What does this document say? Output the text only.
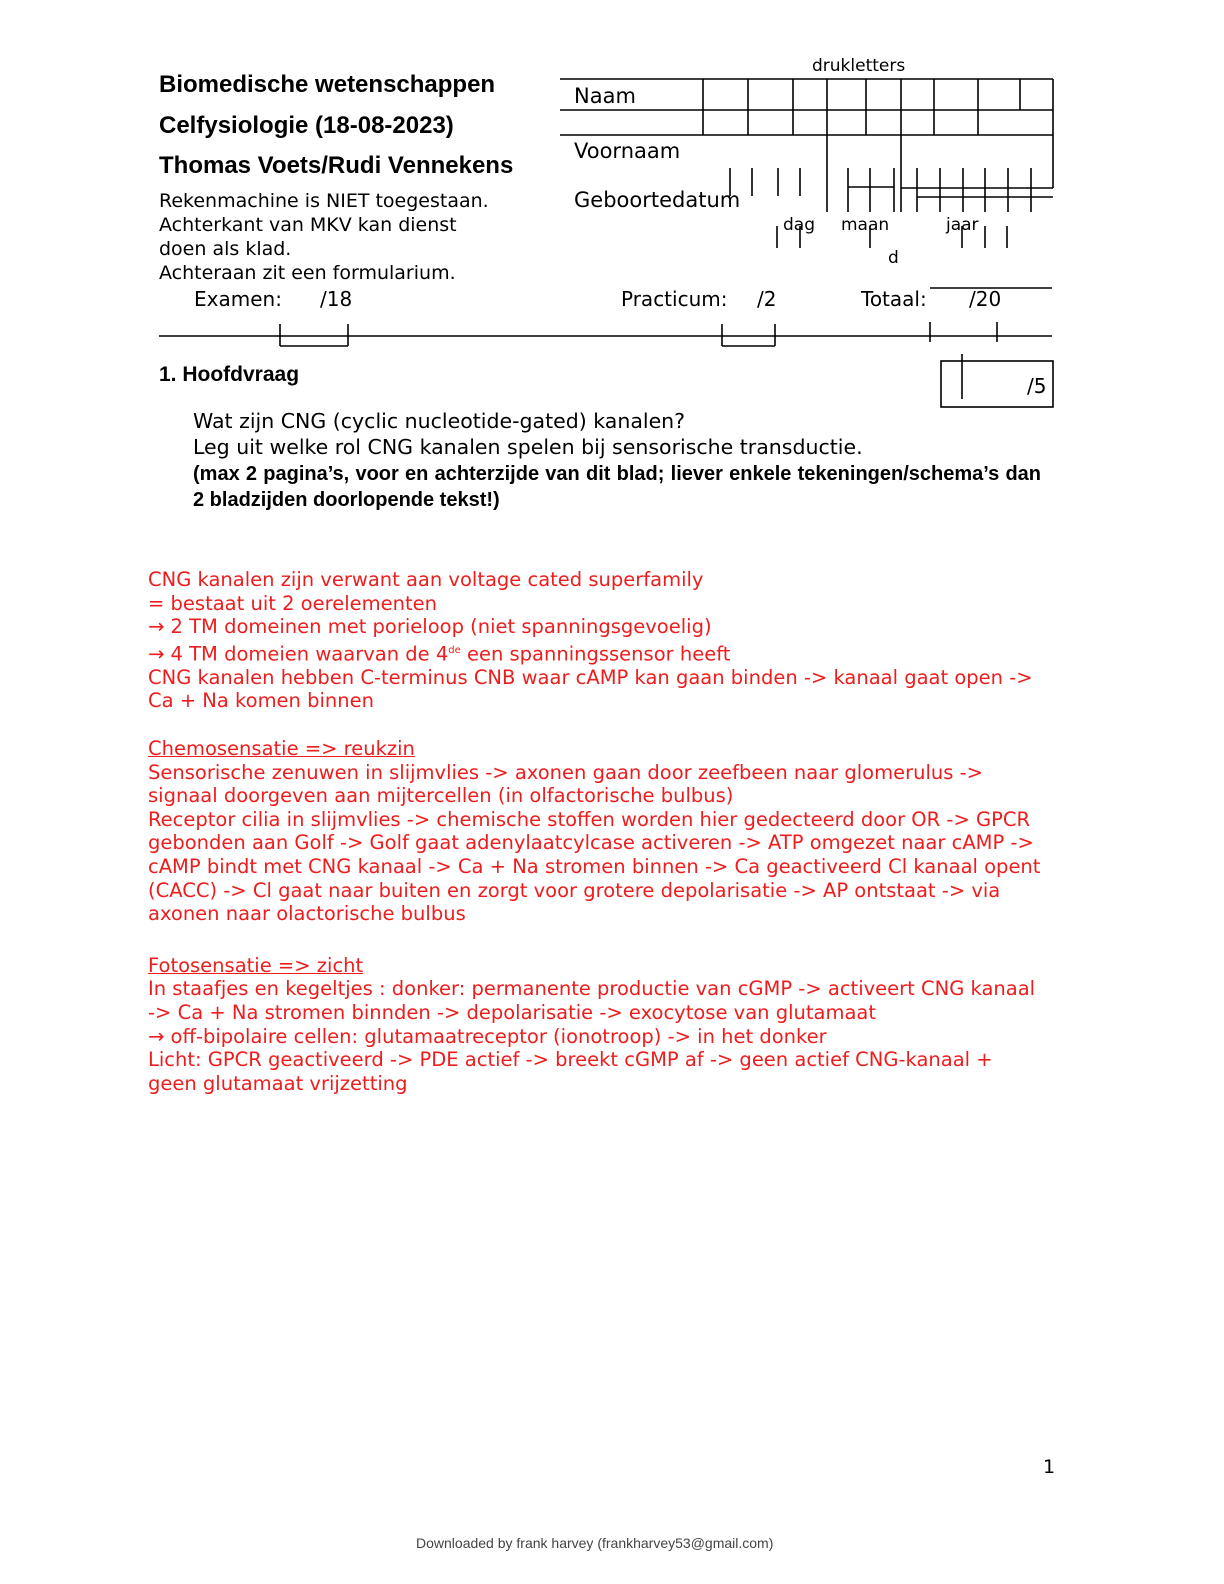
Biomedische wetenschappen
Celfysiologie (18-08-2023)
Thomas Voets/Rudi Vennekens
Rekenmachine is NIET toegestaan.
Achterkant van MKV kan dienst
doen als klad.
Achteraan zit een formularium.
drukletters
Naam
Voornaam
Geboortedatum
dag maan
d
jaar
Examen: /18	Practicum: /2	Totaal: /20
1. Hoofdvraag	/5
Wat zijn CNG (cyclic nucleotide-gated) kanalen?
Leg uit welke rol CNG kanalen spelen bij sensorische transductie.
(max 2 pagina’s, voor en achterzijde van dit blad; liever enkele tekeningen/schema’s dan 2 bladzijden doorlopende tekst!)
CNG kanalen zijn verwant aan voltage cated superfamily
= bestaat uit 2 oerelementen
→ 2 TM domeinen met porieloop (niet spanningsgevoelig)
→ 4 TM domeien waarvan de 4de een spanningssensor heeft
CNG kanalen hebben C-terminus CNB waar cAMP kan gaan binden -> kanaal gaat open ->
Ca + Na komen binnen
Chemosensatie => reukzin
Sensorische zenuwen in slijmvlies -> axonen gaan door zeefbeen naar glomerulus ->
signaal doorgeven aan mijtercellen (in olfactorische bulbus)
Receptor cilia in slijmvlies -> chemische stoffen worden hier gedecteerd door OR -> GPCR
gebonden aan Golf -> Golf gaat adenylaatcylcase activeren -> ATP omgezet naar cAMP ->
cAMP bindt met CNG kanaal -> Ca + Na stromen binnen -> Ca geactiveerd Cl kanaal opent
(CACC) -> Cl gaat naar buiten en zorgt voor grotere depolarisatie -> AP ontstaat -> via
axonen naar olactorische bulbus
Fotosensatie => zicht
In staafjes en kegeltjes : donker: permanente productie van cGMP -> activeert CNG kanaal
-> Ca + Na stromen binnden -> depolarisatie -> exocytose van glutamaat
→ off-bipolaire cellen: glutamaatreceptor (ionotroop) -> in het donker
Licht: GPCR geactiveerd -> PDE actief -> breekt cGMP af -> geen actief CNG-kanaal +
geen glutamaat vrijzetting
1
Downloaded by frank harvey (frankharvey53@gmail.com)
